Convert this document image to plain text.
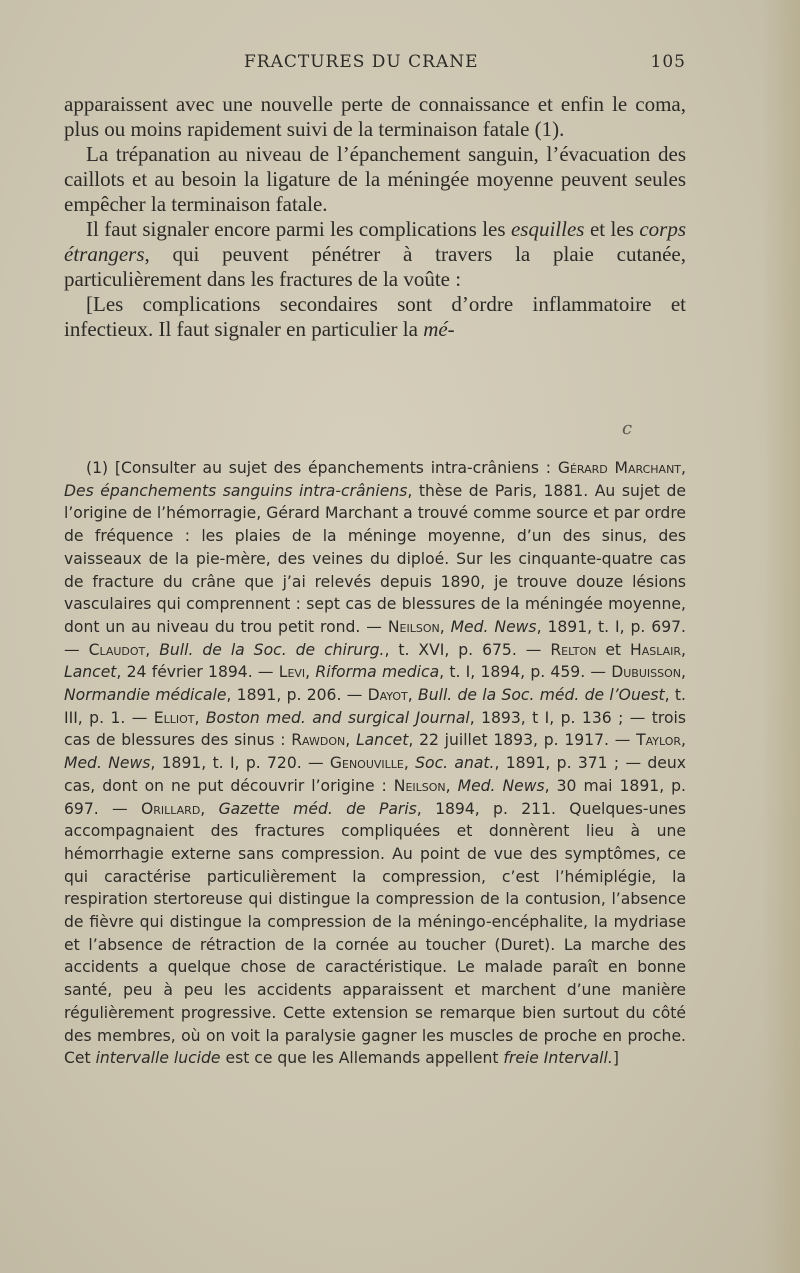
FRACTURES DU CRANE	105

apparaissent avec une nouvelle perte de connaissance et enfin le coma, plus ou moins rapidement suivi de la terminaison fatale (1).

La trépanation au niveau de l’épanchement sanguin, l’évacuation des caillots et au besoin la ligature de la méningée moyenne peuvent seules empêcher la terminaison fatale.

Il faut signaler encore parmi les complications les esquilles et les corps étrangers, qui peuvent pénétrer à travers la plaie cutanée, particulièrement dans les fractures de la voûte :

[Les complications secondaires sont d’ordre inflammatoire et infectieux. Il faut signaler en particulier la mé-

c

(1) [Consulter au sujet des épanchements intra-crâniens : Gérard Marchant, Des épanchements sanguins intra-crâniens, thèse de Paris, 1881. Au sujet de l’origine de l’hémorragie, Gérard Marchant a trouvé comme source et par ordre de fréquence : les plaies de la méninge moyenne, d’un des sinus, des vaisseaux de la pie-mère, des veines du diploé. Sur les cinquante-quatre cas de fracture du crâne que j’ai relevés depuis 1890, je trouve douze lésions vasculaires qui comprennent : sept cas de blessures de la méningée moyenne, dont un au niveau du trou petit rond. — Neilson, Med. News, 1891, t. I, p. 697. — Claudot, Bull. de la Soc. de chirurg., t. XVI, p. 675. — Relton et Haslair, Lancet, 24 février 1894. — Levi, Riforma medica, t. I, 1894, p. 459. — Dubuisson, Normandie médicale, 1891, p. 206. — Dayot, Bull. de la Soc. méd. de l’Ouest, t. III, p. 1. — Elliot, Boston med. and surgical Journal, 1893, t I, p. 136 ; — trois cas de blessures des sinus : Rawdon, Lancet, 22 juillet 1893, p. 1917. — Taylor, Med. News, 1891, t. I, p. 720. — Genouville, Soc. anat., 1891, p. 371 ; — deux cas, dont on ne put découvrir l’origine : Neilson, Med. News, 30 mai 1891, p. 697. — Orillard, Gazette méd. de Paris, 1894, p. 211. Quelques-unes accompagnaient des fractures compliquées et donnèrent lieu à une hémorrhagie externe sans compression. Au point de vue des symptômes, ce qui caractérise particulièrement la compression, c’est l’hémiplégie, la respiration stertoreuse qui distingue la compression de la contusion, l’absence de fièvre qui distingue la compression de la méningo-encéphalite, la mydriase et l’absence de rétraction de la cornée au toucher (Duret). La marche des accidents a quelque chose de caractéristique. Le malade paraît en bonne santé, peu à peu les accidents apparaissent et marchent d’une manière régulièrement progressive. Cette extension se remarque bien surtout du côté des membres, où on voit la paralysie gagner les muscles de proche en proche. Cet intervalle lucide est ce que les Allemands appellent freie Intervall.]
